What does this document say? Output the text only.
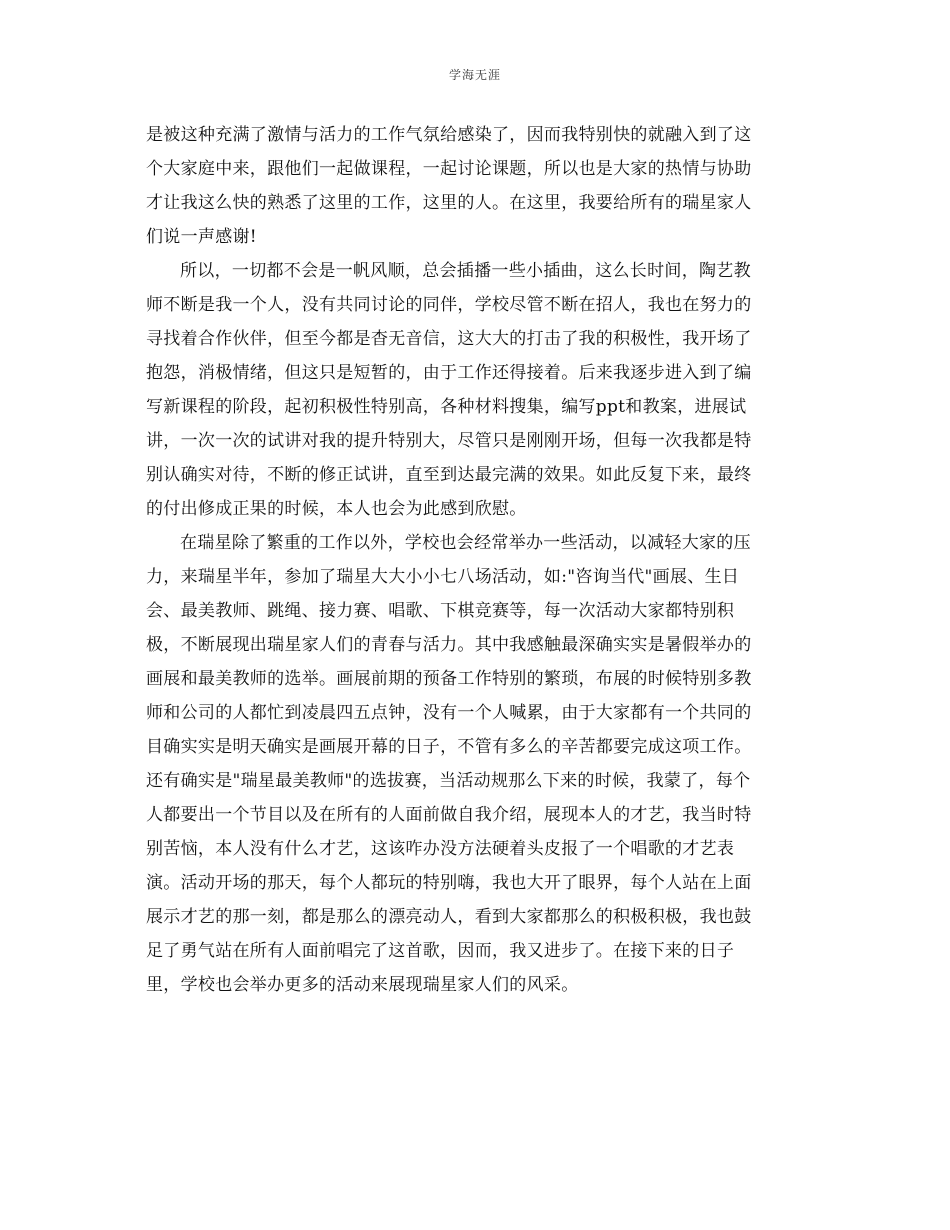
学海无涯
是被这种充满了激情与活力的工作气氛给感染了，因而我特别快的就融入到了这
个大家庭中来，跟他们一起做课程，一起讨论课题，所以也是大家的热情与协助
才让我这么快的熟悉了这里的工作，这里的人。在这里，我要给所有的瑞星家人
们说一声感谢!
所以，一切都不会是一帆风顺，总会插播一些小插曲，这么长时间，陶艺教
师不断是我一个人，没有共同讨论的同伴，学校尽管不断在招人，我也在努力的
寻找着合作伙伴，但至今都是杳无音信，这大大的打击了我的积极性，我开场了
抱怨，消极情绪，但这只是短暂的，由于工作还得接着。后来我逐步进入到了编
写新课程的阶段，起初积极性特别高，各种材料搜集，编写ppt和教案，进展试
讲，一次一次的试讲对我的提升特别大，尽管只是刚刚开场，但每一次我都是特
别认确实对待，不断的修正试讲，直至到达最完满的效果。如此反复下来，最终
的付出修成正果的时候，本人也会为此感到欣慰。
在瑞星除了繁重的工作以外，学校也会经常举办一些活动，以减轻大家的压
力，来瑞星半年，参加了瑞星大大小小七八场活动，如:"咨询当代"画展、生日
会、最美教师、跳绳、接力赛、唱歌、下棋竞赛等，每一次活动大家都特别积
极，不断展现出瑞星家人们的青春与活力。其中我感触最深确实实是暑假举办的
画展和最美教师的选举。画展前期的预备工作特别的繁琐，布展的时候特别多教
师和公司的人都忙到凌晨四五点钟，没有一个人喊累，由于大家都有一个共同的
目确实实是明天确实是画展开幕的日子，不管有多么的辛苦都要完成这项工作。
还有确实是"瑞星最美教师"的选拔赛，当活动规那么下来的时候，我蒙了，每个
人都要出一个节目以及在所有的人面前做自我介绍，展现本人的才艺，我当时特
别苦恼，本人没有什么才艺，这该咋办没方法硬着头皮报了一个唱歌的才艺表
演。活动开场的那天，每个人都玩的特别嗨，我也大开了眼界，每个人站在上面
展示才艺的那一刻，都是那么的漂亮动人，看到大家都那么的积极积极，我也鼓
足了勇气站在所有人面前唱完了这首歌，因而，我又进步了。在接下来的日子
里，学校也会举办更多的活动来展现瑞星家人们的风采。
